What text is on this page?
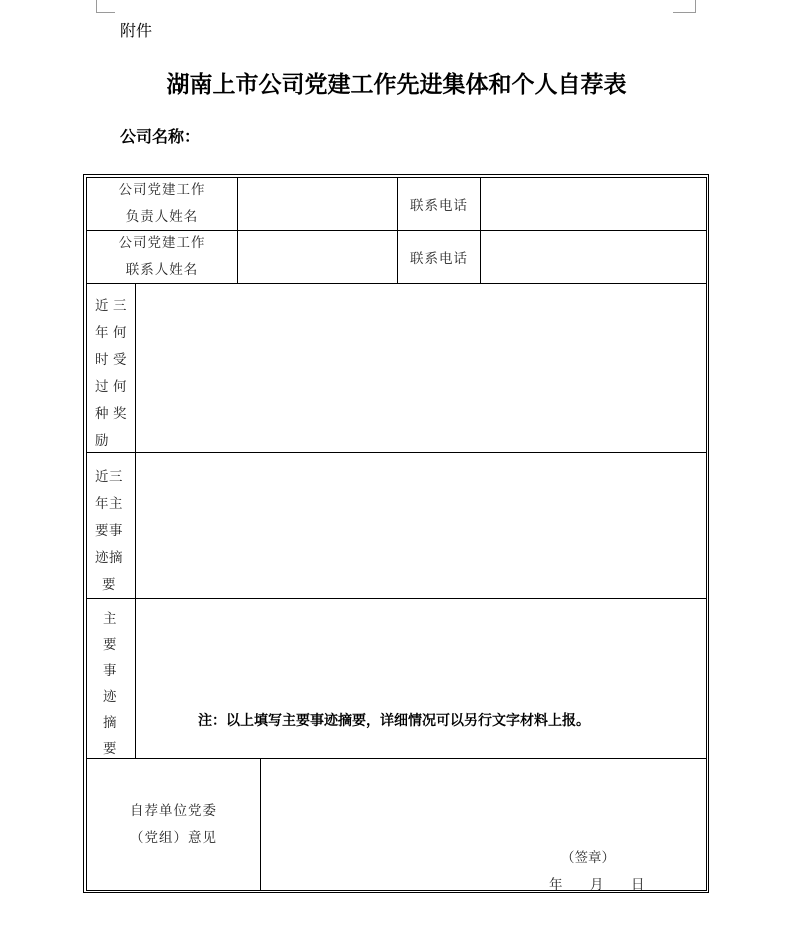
附件
湖南上市公司党建工作先进集体和个人自荐表
公司名称：
公司党建工作
负责人姓名
联系电话
公司党建工作
联系人姓名
联系电话
近 三
年 何
时 受
过 何
种 奖
励
近 三
年 主
要 事
迹 摘
要
主
要
事
迹
摘
要
注：以上填写主要事迹摘要，详细情况可以另行文字材料上报。
自荐单位党委
（党组）意见
（签章）
年 月 日
